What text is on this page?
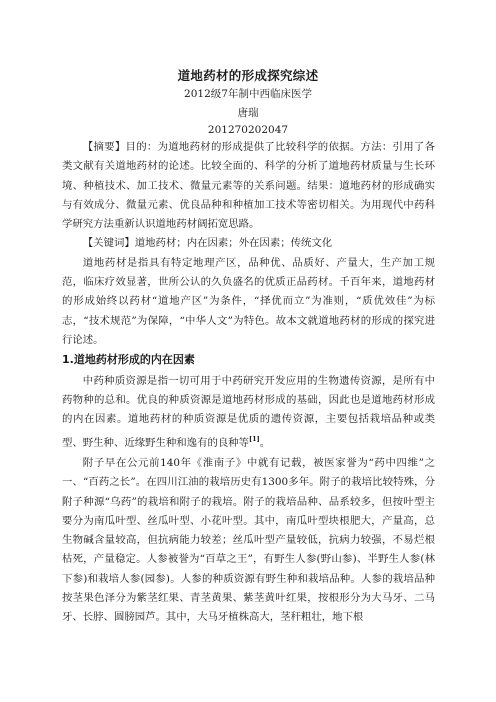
道地药材的形成探究综述
2012级7年制中西临床医学
唐瑞
201270202047

【摘要】目的：为道地药材的形成提供了比较科学的依据。方法：引用了各类文献有关道地药材的论述。比较全面的、科学的分析了道地药材质量与生长环境、种植技术、加工技术、微量元素等的关系问题。结果：道地药材的形成确实与有效成分、微量元素、优良品种和种植加工技术等密切相关。为用现代中药科学研究方法重新认识道地药材阔拓宽思路。

【关键词】道地药材；内在因素；外在因素；传统文化

道地药材是指具有特定地理产区，品种优、品质好、产量大，生产加工规范，临床疗效显著，世所公认的久负盛名的优质正品药材。千百年来，道地药材的形成始终以药材“道地产区”为条件，“择优而立”为准则，“质优效佳”为标志，“技术规范”为保障，“中华人文”为特色。故本文就道地药材的形成的探究进行论述。

1.道地药材形成的内在因素

中药种质资源是指一切可用于中药研究开发应用的生物遗传资源，是所有中药物种的总和。优良的种质资源是道地药材形成的基础，因此也是道地药材形成的内在因素。道地药材的种质资源是优质的遗传资源，主要包括栽培品种或类型、野生种、近缘野生种和逸有的良种等[1]。

附子早在公元前140年《淮南子》中就有记载，被医家誉为“药中四维”之一、“百药之长”。在四川江油的栽培历史有1300多年。附子的栽培比较特殊，分附子种源“乌药”的栽培和附子的栽培。附子的栽培品种、品系较多，但按叶型主要分为南瓜叶型、丝瓜叶型、小花叶型。其中，南瓜叶型块根肥大，产量高，总生物碱含量较高，但抗病能力较差；丝瓜叶型产量较低，抗病力较强，不易烂根枯死，产量稳定。人参被誉为“百草之王”，有野生人参(野山参)、半野生人参(林下参)和栽培人参(园参)。人参的种质资源有野生种和栽培品种。人参的栽培品种按茎果色泽分为紫茎红果、青茎黄果、紫茎黄叶红果，按根形分为大马牙、二马牙、长脖、圆膀园芦。其中，大马牙植株高大，茎秆粗壮，地下根
